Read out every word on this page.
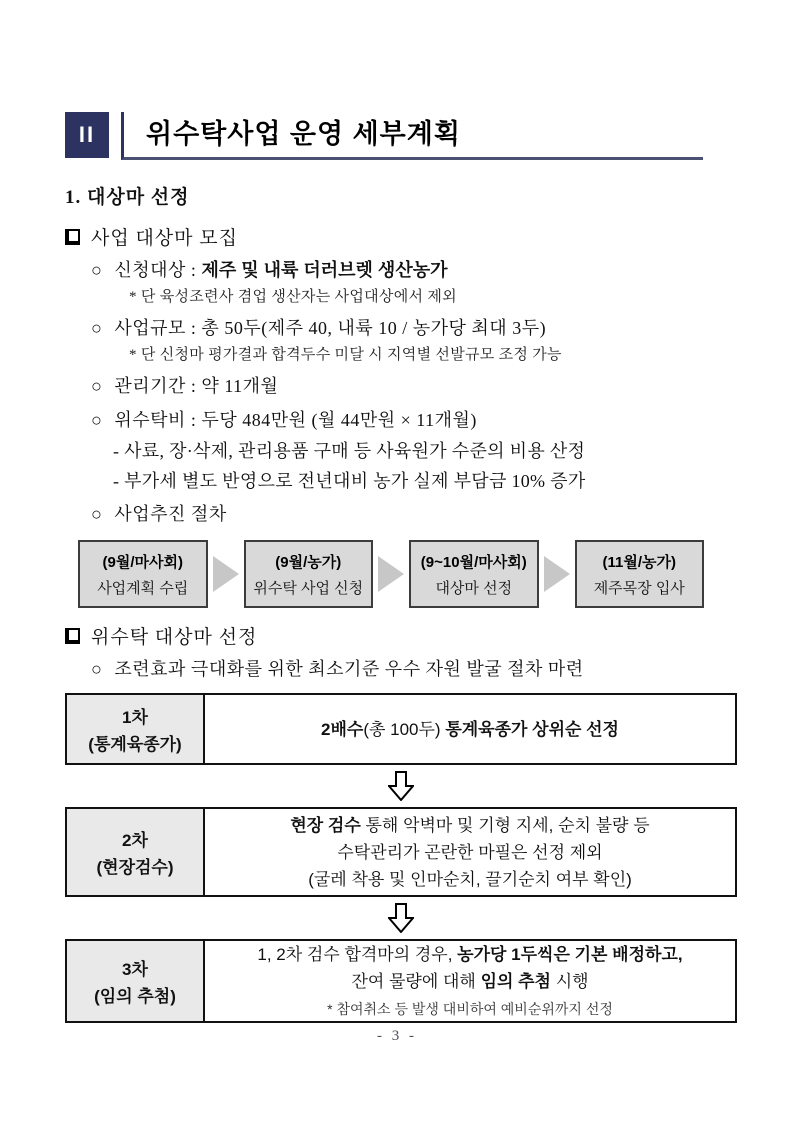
II	위수탁사업 운영 세부계획
1. 대상마 선정
사업 대상마 모집
○ 신청대상 : 제주 및 내륙 더러브렛 생산농가
* 단 육성조련사 겸업 생산자는 사업대상에서 제외
○ 사업규모 : 총 50두(제주 40, 내륙 10 / 농가당 최대 3두)
* 단 신청마 평가결과 합격두수 미달 시 지역별 선발규모 조정 가능
○ 관리기간 : 약 11개월
○ 위수탁비 : 두당 484만원 (월 44만원 × 11개월)
- 사료, 장·삭제, 관리용품 구매 등 사육원가 수준의 비용 산정
- 부가세 별도 반영으로 전년대비 농가 실제 부담금 10% 증가
○ 사업추진 절차
(9월/마사회)
사업계획 수립
(9월/농가)
위수탁 사업 신청
(9~10월/마사회)
대상마 선정
(11월/농가)
제주목장 입사
위수탁 대상마 선정
○ 조련효과 극대화를 위한 최소기준 우수 자원 발굴 절차 마련
1차
(통계육종가)
2배수(총 100두) 통계육종가 상위순 선정
2차
(현장검수)
현장 검수 통해 악벽마 및 기형 지세, 순치 불량 등
수탁관리가 곤란한 마필은 선정 제외
(굴레 착용 및 인마순치, 끌기순치 여부 확인)
3차
(임의 추첨)
1, 2차 검수 합격마의 경우, 농가당 1두씩은 기본 배정하고,
잔여 물량에 대해 임의 추첨 시행
* 참여취소 등 발생 대비하여 예비순위까지 선정
- 3 -
